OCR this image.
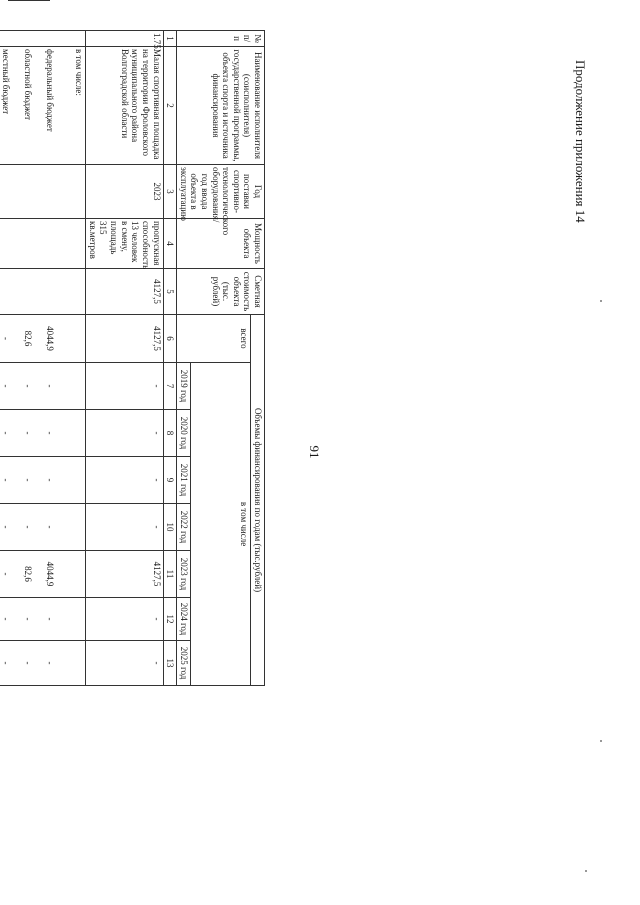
91
Продолжение приложения 14
№ п/п	Наименование исполнителя (соисполнителя) государственной программы, объекта спорта и источника финансирования	Год поставки спортивно-технологического оборудования/ год ввода объекта в эксплуатацию	Мощность объекта	Сметная стоимость объекта (тыс. рублей)	Объемы финансирования по годам (тыс.рублей)							
					всего	в том числе						
						2019 год	2020 год	2021 год	2022 год	2023 год	2024 год	2025 год
1	2	3	4	5	6	7	8	9	10	11	12	13
1.75.	Малая спортивная площадка на территории Фроловского муниципального района Волгоградской области	2023	пропускная способность 13 человек в смену, площадь 315 кв.метров	4127,5	4127,5	-	-	-	-	4127,5	-	-
	в том числе:											
	федеральный бюджет				4044,9	-	-	-	-	4044,9	-	-
	областной бюджет				82,6	-	-	-	-	82,6	-	-
	местный бюджет				-	-	-	-	-	-	-	-
